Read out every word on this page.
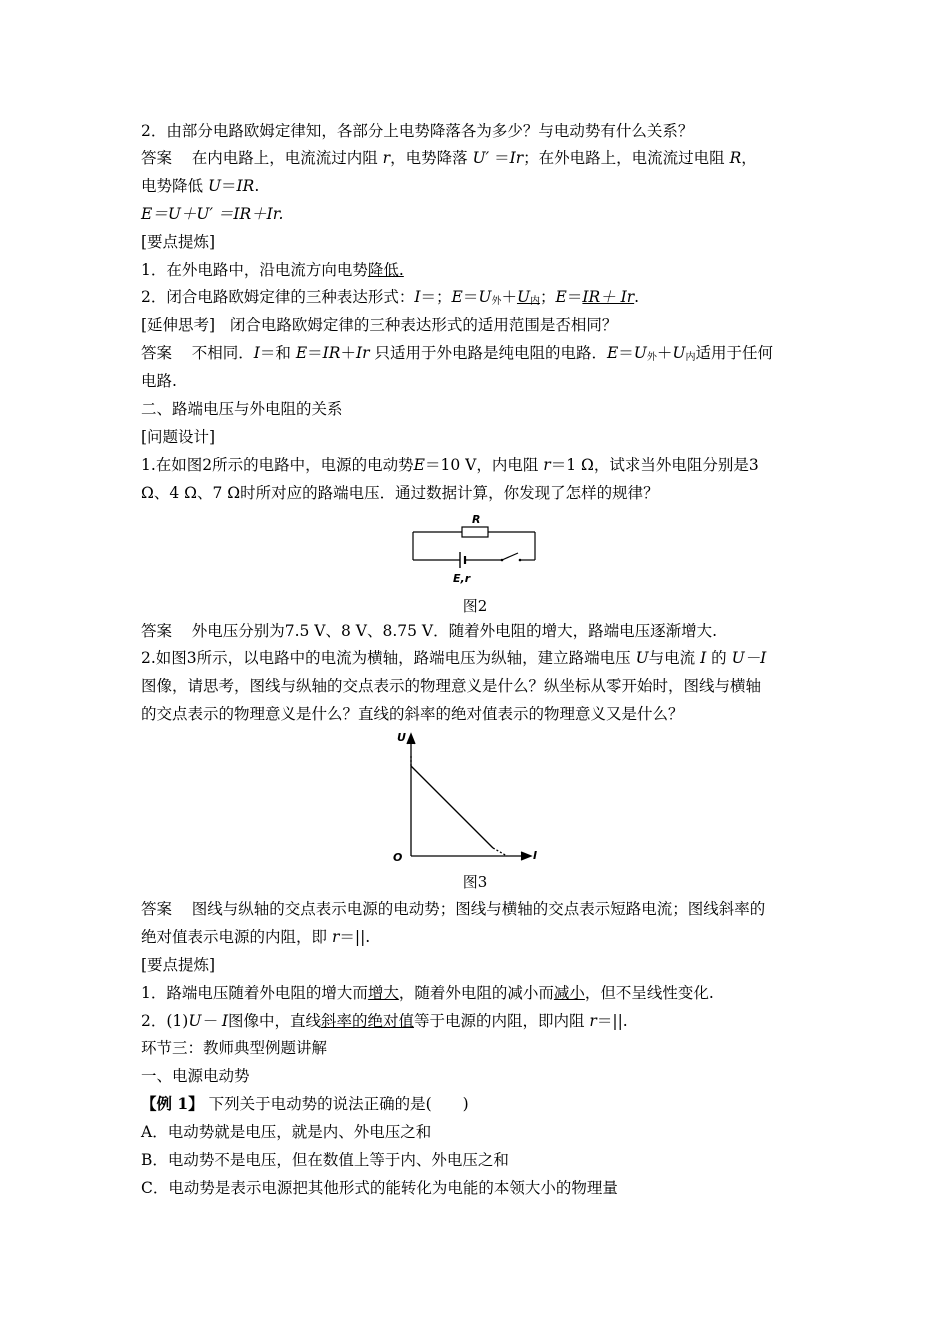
2．由部分电路欧姆定律知，各部分上电势降落各为多少？与电动势有什么关系？
答案 在内电路上，电流流过内阻 r，电势降落 U′ ＝Ir；在外电路上，电流流过电阻 R，
电势降低 U＝IR.
E＝U＋U′ ＝IR＋Ir.
[要点提炼]
1．在外电路中，沿电流方向电势降低.
2．闭合电路欧姆定律的三种表达形式：I＝；$E=U_外+U_内$；E＝IR＋ Ir.
[延伸思考] 闭合电路欧姆定律的三种表达形式的适用范围是否相同？
答案 不相同．I＝和 E＝IR＋Ir 只适用于外电路是纯电阻的电路．$E=U_外+U_内$适用于任何
电路.
二、路端电压与外电阻的关系
[问题设计]
1.在如图2所示的电路中，电源的电动势E＝10 V，内电阻 r＝1 Ω，试求当外电阻分别是3
Ω、4 Ω、7 Ω时所对应的路端电压．通过数据计算，你发现了怎样的规律？
R
E,r
图2
答案 外电压分别为7.5 V、8 V、8.75 V．随着外电阻的增大，路端电压逐渐增大.
2.如图3所示，以电路中的电流为横轴，路端电压为纵轴，建立路端电压 U与电流 I 的 U－I
图像，请思考，图线与纵轴的交点表示的物理意义是什么？纵坐标从零开始时，图线与横轴
的交点表示的物理意义是什么？直线的斜率的绝对值表示的物理意义又是什么？
U
I
O
图3
答案 图线与纵轴的交点表示电源的电动势；图线与横轴的交点表示短路电流；图线斜率的
绝对值表示电源的内阻，即 r＝||.
[要点提炼]
1．路端电压随着外电阻的增大而增大，随着外电阻的减小而减小，但不呈线性变化.
2．(1)U－ I图像中，直线斜率的绝对值等于电源的内阻，即内阻 r＝||.
环节三：教师典型例题讲解
一、电源电动势
【例 1】 下列关于电动势的说法正确的是(　　)
A．电动势就是电压，就是内、外电压之和
B．电动势不是电压，但在数值上等于内、外电压之和
C．电动势是表示电源把其他形式的能转化为电能的本领大小的物理量
